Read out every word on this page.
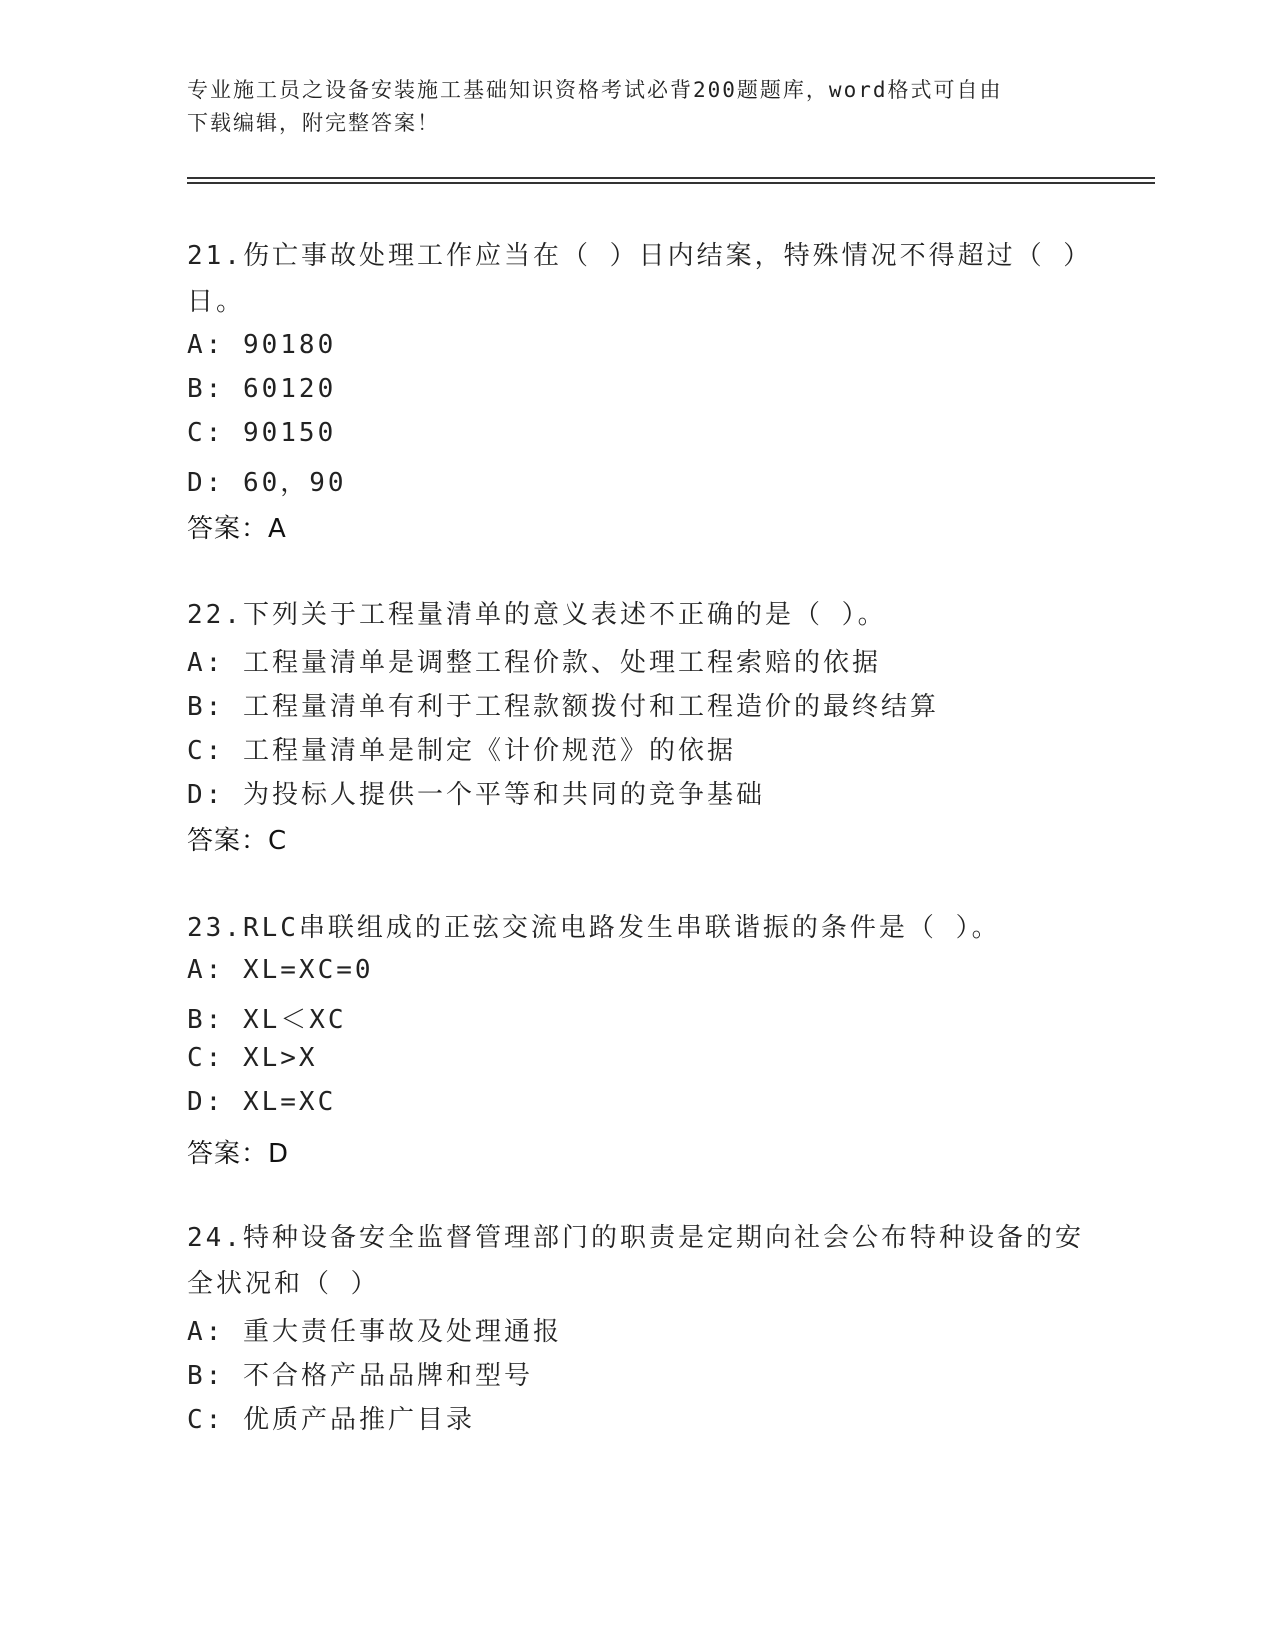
专业施工员之设备安装施工基础知识资格考试必背200题题库，word格式可自由
下载编辑，附完整答案！
21.伤亡事故处理工作应当在（ ）日内结案，特殊情况不得超过（ ）日。
A: 90180
B: 60120
C: 90150
D: 60，90
答案：A
22.下列关于工程量清单的意义表述不正确的是（ ）。
A: 工程量清单是调整工程价款、处理工程索赔的依据
B: 工程量清单有利于工程款额拨付和工程造价的最终结算
C: 工程量清单是制定《计价规范》的依据
D: 为投标人提供一个平等和共同的竞争基础
答案：C
23.RLC串联组成的正弦交流电路发生串联谐振的条件是（ ）。
A: XL=XC=0
B: XL＜XC
C: XL>X
D: XL=XC
答案：D
24.特种设备安全监督管理部门的职责是定期向社会公布特种设备的安全状况和（ ）
A: 重大责任事故及处理通报
B: 不合格产品品牌和型号
C: 优质产品推广目录
